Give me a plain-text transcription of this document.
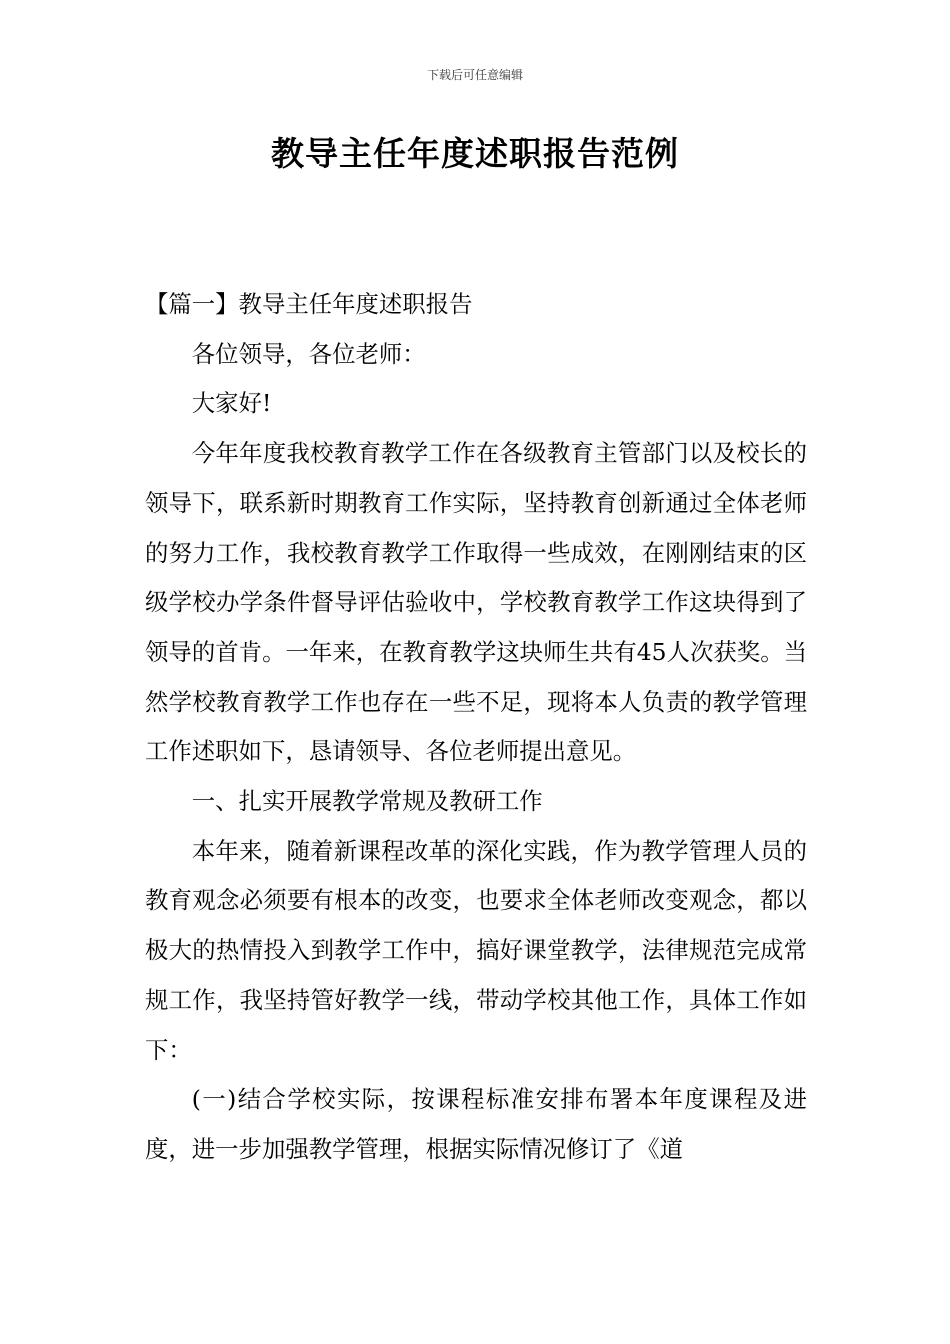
下载后可任意编辑
教导主任年度述职报告范例

【篇一】教导主任年度述职报告

各位领导，各位老师：

大家好!

今年年度我校教育教学工作在各级教育主管部门以及校长的领导下，联系新时期教育工作实际，坚持教育创新通过全体老师的努力工作，我校教育教学工作取得一些成效，在刚刚结束的区级学校办学条件督导评估验收中，学校教育教学工作这块得到了领导的首肯。一年来，在教育教学这块师生共有45人次获奖。当然学校教育教学工作也存在一些不足，现将本人负责的教学管理工作述职如下，恳请领导、各位老师提出意见。

一、扎实开展教学常规及教研工作

本年来，随着新课程改革的深化实践，作为教学管理人员的教育观念必须要有根本的改变，也要求全体老师改变观念，都以极大的热情投入到教学工作中，搞好课堂教学，法律规范完成常规工作，我坚持管好教学一线，带动学校其他工作，具体工作如下：

(一)结合学校实际，按课程标准安排布署本年度课程及进度，进一步加强教学管理，根据实际情况修订了《道
